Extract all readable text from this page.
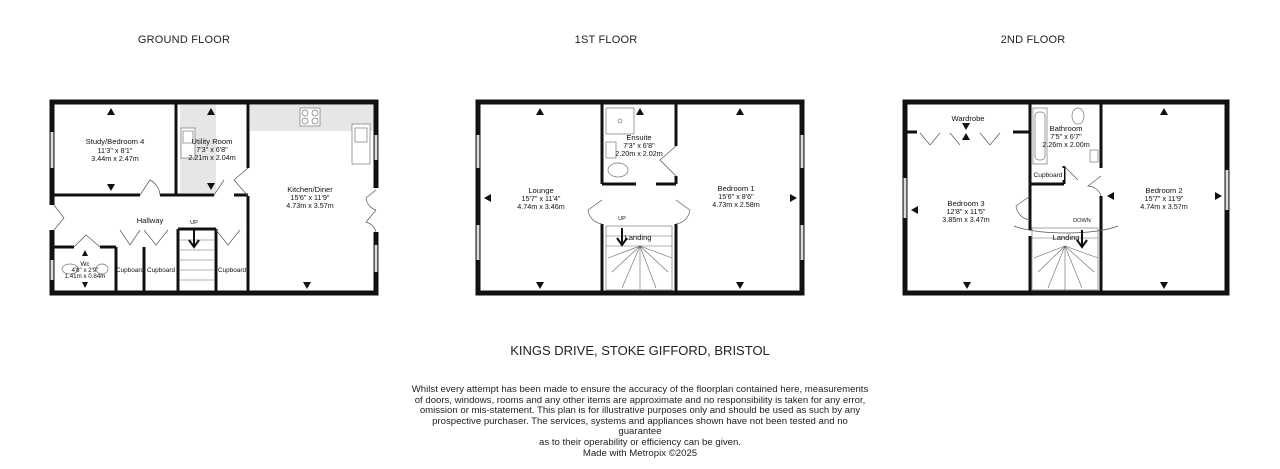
GROUND FLOOR	1ST FLOOR	2ND FLOOR
Study/Bedroom 4
11'3" x 8'1"
3.44m x 2.47m
Utility Room
7'3" x 6'8"
2.21m x 2.04m
Kitchen/Diner
15'6" x 11'9"
4.73m x 3.57m
Hallway	UP
Wc
4'8" x 2'9"
1.41m x 0.84m
Cupboard Cupboard	Cupboard
Ensuite
7'3" x 6'8"
2.20m x 2.02m
Lounge
15'7" x 11'4"
4.74m x 3.46m
Bedroom 1
15'6" x 8'6"
4.73m x 2.58m
UP
Landing
Wardrobe
Bathroom
7'5" x 6'7"
2.26m x 2.00m
Cupboard
Bedroom 3
12'8" x 11'5"
3.85m x 3.47m
Bedroom 2
15'7" x 11'9"
4.74m x 3.57m
DOWN
Landing
KINGS DRIVE, STOKE GIFFORD, BRISTOL
Whilst every attempt has been made to ensure the accuracy of the floorplan contained here, measurements
of doors, windows, rooms and any other items are approximate and no responsibility is taken for any error,
omission or mis-statement. This plan is for illustrative purposes only and should be used as such by any
prospective purchaser. The services, systems and appliances shown have not been tested and no guarantee
as to their operability or efficiency can be given.
Made with Metropix ©2025
